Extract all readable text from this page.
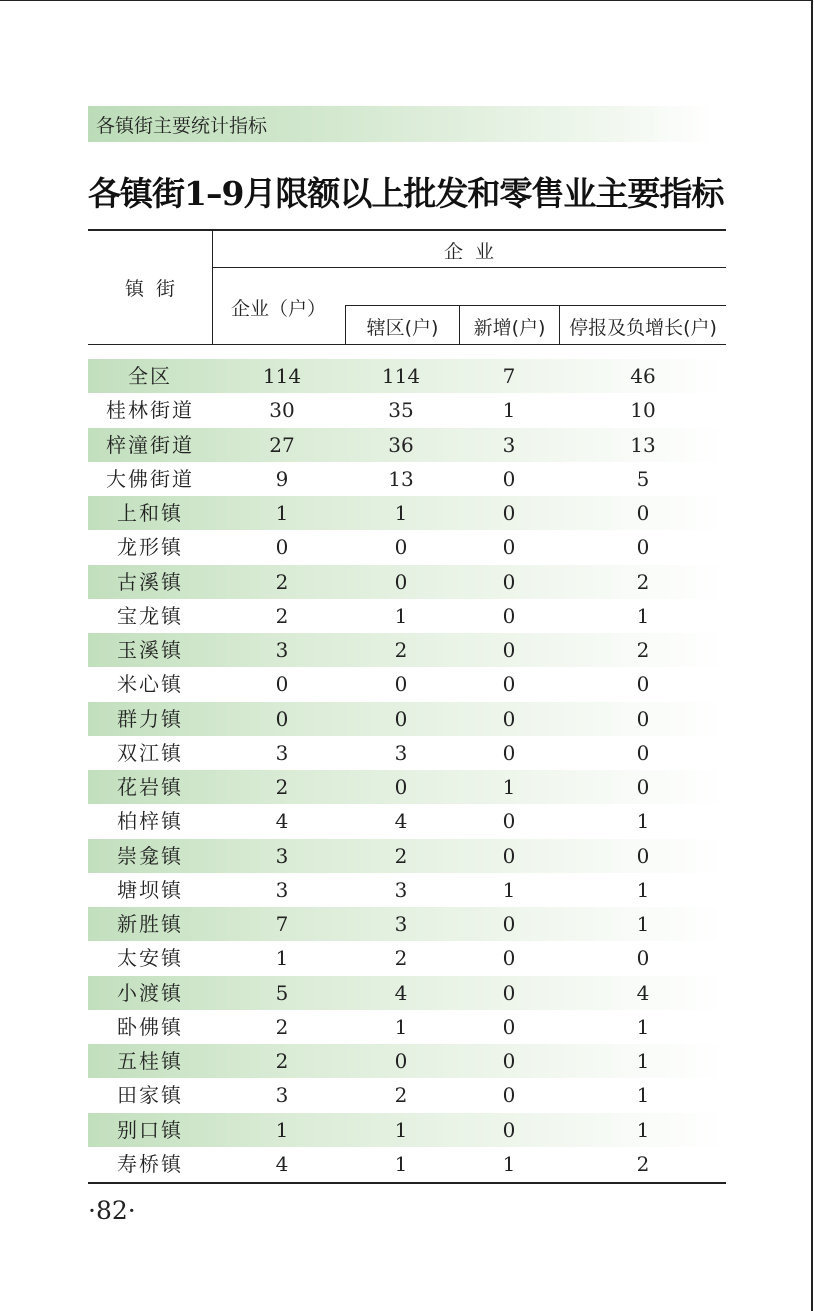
各镇街主要统计指标
各镇街1–9月限额以上批发和零售业主要指标
镇  街
企  业
企业（户）
辖区(户)	新增(户)	停报及负增长(户)
全区	114	114	7	46
桂林街道	30	35	1	10
梓潼街道	27	36	3	13
大佛街道	9	13	0	5
上和镇	1	1	0	0
龙形镇	0	0	0	0
古溪镇	2	0	0	2
宝龙镇	2	1	0	1
玉溪镇	3	2	0	2
米心镇	0	0	0	0
群力镇	0	0	0	0
双江镇	3	3	0	0
花岩镇	2	0	1	0
柏梓镇	4	4	0	1
崇龛镇	3	2	0	0
塘坝镇	3	3	1	1
新胜镇	7	3	0	1
太安镇	1	2	0	0
小渡镇	5	4	0	4
卧佛镇	2	1	0	1
五桂镇	2	0	0	1
田家镇	3	2	0	1
别口镇	1	1	0	1
寿桥镇	4	1	1	2
·82·
